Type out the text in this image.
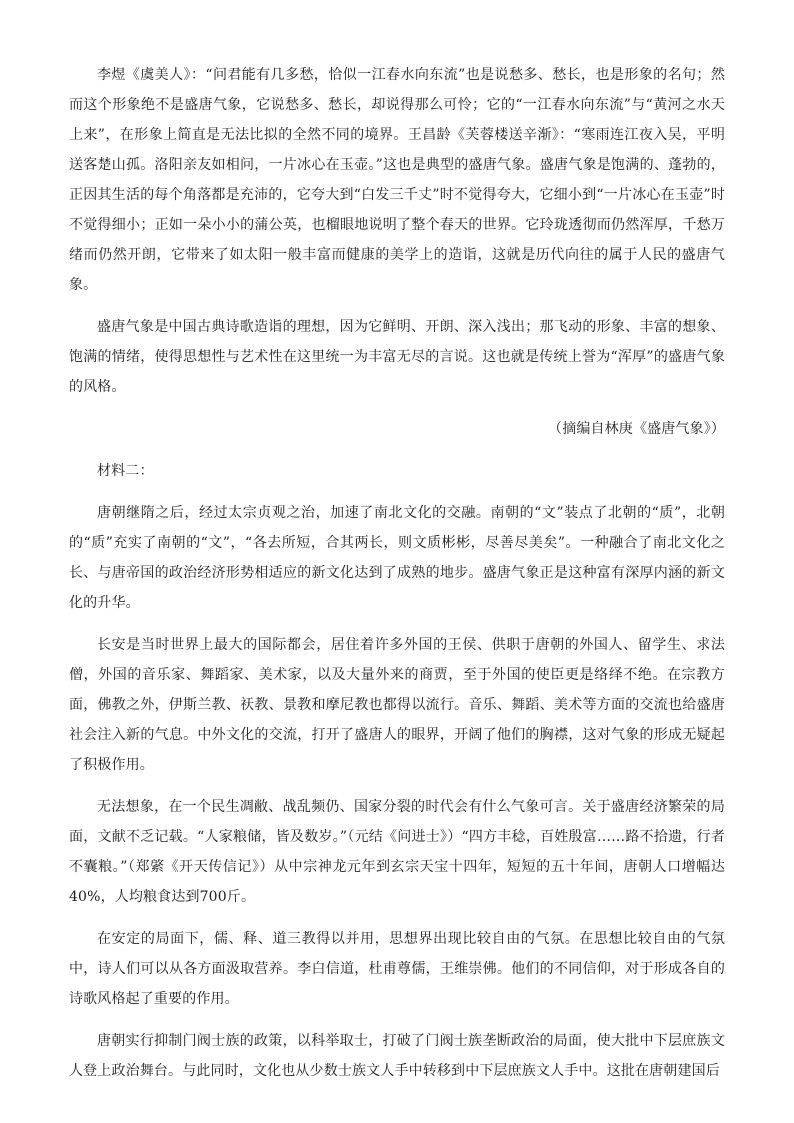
李煜《虞美人》：“问君能有几多愁，恰似一江春水向东流”也是说愁多、愁长，也是形象的名句；然而这个形象绝不是盛唐气象，它说愁多、愁长，却说得那么可怜；它的“一江春水向东流”与“黄河之水天上来”，在形象上简直是无法比拟的全然不同的境界。王昌龄《芙蓉楼送辛渐》：“寒雨连江夜入吴，平明送客楚山孤。洛阳亲友如相问，一片冰心在玉壶。”这也是典型的盛唐气象。盛唐气象是饱满的、蓬勃的，正因其生活的每个角落都是充沛的，它夸大到“白发三千丈”时不觉得夸大，它细小到“一片冰心在玉壶”时不觉得细小；正如一朵小小的蒲公英，也榴眼地说明了整个春天的世界。它玲珑透彻而仍然浑厚，千愁万绪而仍然开朗，它带来了如太阳一般丰富而健康的美学上的造诣，这就是历代向往的属于人民的盛唐气象。

盛唐气象是中国古典诗歌造诣的理想，因为它鲜明、开朗、深入浅出；那飞动的形象、丰富的想象、饱满的情绪，使得思想性与艺术性在这里统一为丰富无尽的言说。这也就是传统上誉为“浑厚”的盛唐气象的风格。

（摘编自林庚《盛唐气象》）

材料二：

唐朝继隋之后，经过太宗贞观之治，加速了南北文化的交融。南朝的“文”装点了北朝的“质”，北朝的“质”充实了南朝的“文”，“各去所短，合其两长，则文质彬彬，尽善尽美矣”。一种融合了南北文化之长、与唐帝国的政治经济形势相适应的新文化达到了成熟的地步。盛唐气象正是这种富有深厚内涵的新文化的升华。

长安是当时世界上最大的国际都会，居住着许多外国的王侯、供职于唐朝的外国人、留学生、求法僧，外国的音乐家、舞蹈家、美术家，以及大量外来的商贾，至于外国的使臣更是络绎不绝。在宗教方面，佛教之外，伊斯兰教、祆教、景教和摩尼教也都得以流行。音乐、舞蹈、美术等方面的交流也给盛唐社会注入新的气息。中外文化的交流，打开了盛唐人的眼界，开阔了他们的胸襟，这对气象的形成无疑起了积极作用。

无法想象，在一个民生凋敝、战乱频仍、国家分裂的时代会有什么气象可言。关于盛唐经济繁荣的局面，文献不乏记载。“人家粮储，皆及数岁。”（元结《问进士》）“四方丰稔，百姓殷富……路不拾遗，行者不囊粮。”（郑綮《开天传信记》）从中宗神龙元年到玄宗天宝十四年，短短的五十年间，唐朝人口增幅达40%，人均粮食达到700斤。

在安定的局面下，儒、释、道三教得以并用，思想界出现比较自由的气氛。在思想比较自由的气氛中，诗人们可以从各方面汲取营养。李白信道，杜甫尊儒，王维崇佛。他们的不同信仰，对于形成各自的诗歌风格起了重要的作用。

唐朝实行抑制门阀士族的政策，以科举取士，打破了门阀士族垄断政治的局面，使大批中下层庶族文人登上政治舞台。与此同时，文化也从少数士族文人手中转移到中下层庶族文人手中。这批在唐朝建国后
